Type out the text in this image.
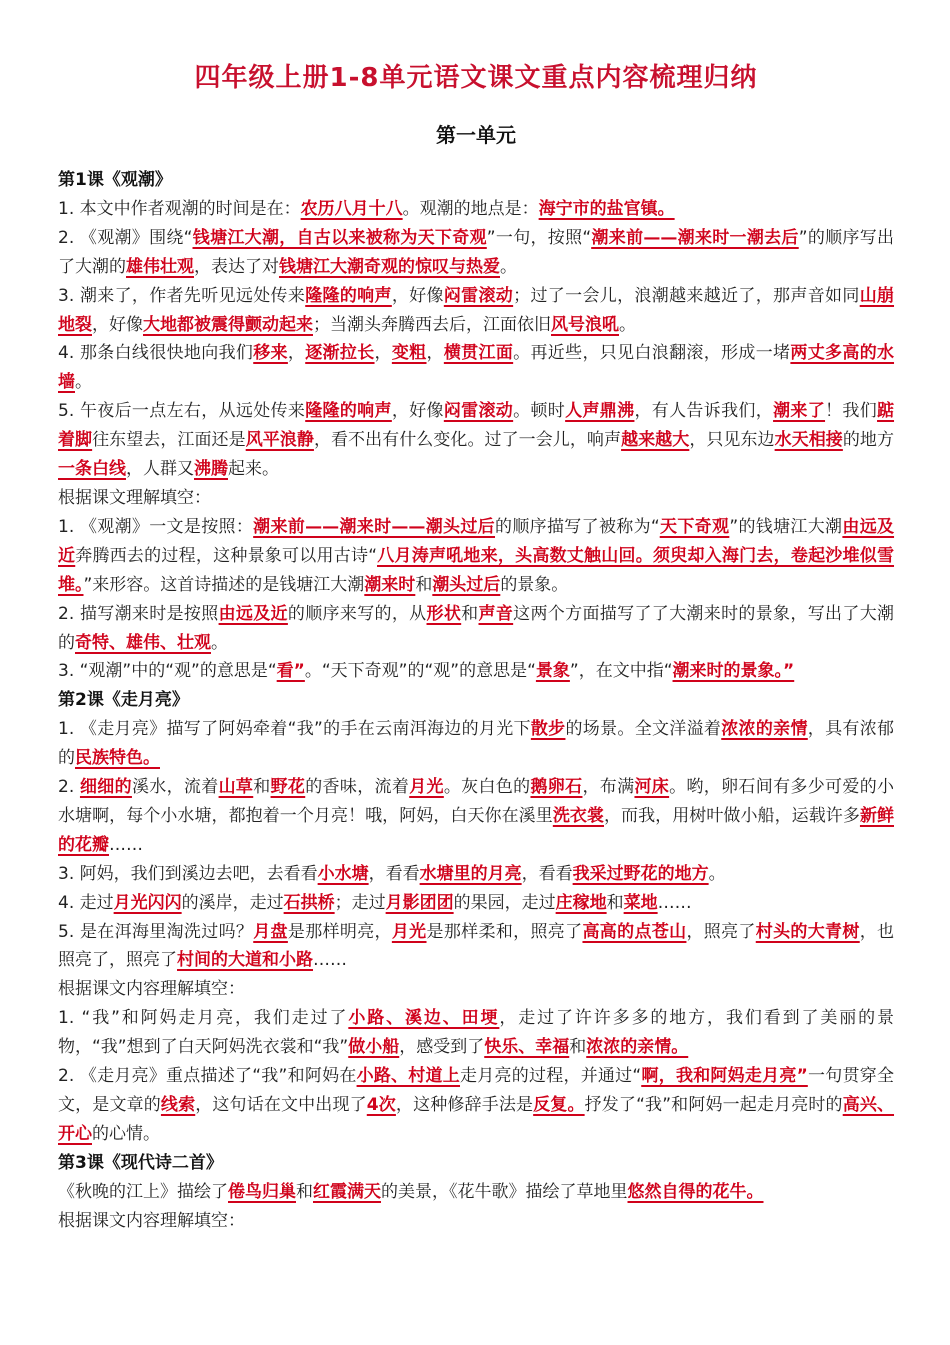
四年级上册1-8单元语文课文重点内容梳理归纳
第一单元
第1课《观潮》
1. 本文中作者观潮的时间是在：农历八月十八。观潮的地点是：海宁市的盐官镇。
2. 《观潮》围绕“钱塘江大潮，自古以来被称为天下奇观”一句，按照“潮来前——潮来时一潮去后”的顺序写出了大潮的雄伟壮观，表达了对钱塘江大潮奇观的惊叹与热爱。
3. 潮来了，作者先听见远处传来隆隆的响声，好像闷雷滚动；过了一会儿，浪潮越来越近了，那声音如同山崩地裂，好像大地都被震得颤动起来；当潮头奔腾西去后，江面依旧风号浪吼。
4. 那条白线很快地向我们移来，逐渐拉长，变粗，横贯江面。再近些，只见白浪翻滚，形成一堵两丈多高的水墙。
5. 午夜后一点左右，从远处传来隆隆的响声，好像闷雷滚动。顿时人声鼎沸，有人告诉我们，潮来了！我们踮着脚往东望去，江面还是风平浪静，看不出有什么变化。过了一会儿，响声越来越大，只见东边水天相接的地方一条白线，人群又沸腾起来。
根据课文理解填空：
1. 《观潮》一文是按照：潮来前——潮来时——潮头过后的顺序描写了被称为“天下奇观”的钱塘江大潮由远及近奔腾西去的过程，这种景象可以用古诗“八月涛声吼地来，头高数丈触山回。须臾却入海门去，卷起沙堆似雪堆。”来形容。这首诗描述的是钱塘江大潮潮来时和潮头过后的景象。
2. 描写潮来时是按照由远及近的顺序来写的，从形状和声音这两个方面描写了了大潮来时的景象，写出了大潮的奇特、雄伟、壮观。
3. “观潮”中的“观”的意思是“看”。“天下奇观”的“观”的意思是“景象”，在文中指“潮来时的景象。”
第2课《走月亮》
1. 《走月亮》描写了阿妈牵着“我”的手在云南洱海边的月光下散步的场景。全文洋溢着浓浓的亲情，具有浓郁的民族特色。
2. 细细的溪水，流着山草和野花的香味，流着月光。灰白色的鹅卵石，布满河床。哟，卵石间有多少可爱的小水塘啊，每个小水塘，都抱着一个月亮！哦，阿妈，白天你在溪里洗衣裳，而我，用树叶做小船，运载许多新鲜的花瓣……
3. 阿妈，我们到溪边去吧，去看看小水塘，看看水塘里的月亮，看看我采过野花的地方。
4. 走过月光闪闪的溪岸，走过石拱桥；走过月影团团的果园，走过庄稼地和菜地……
5. 是在洱海里淘洗过吗？月盘是那样明亮，月光是那样柔和，照亮了高高的点苍山，照亮了村头的大青树，也照亮了，照亮了村间的大道和小路……
根据课文内容理解填空：
1. “我”和阿妈走月亮，我们走过了小路、溪边、田埂，走过了许许多多的地方，我们看到了美丽的景物，“我”想到了白天阿妈洗衣裳和“我”做小船，感受到了快乐、幸福和浓浓的亲情。
2. 《走月亮》重点描述了“我”和阿妈在小路、村道上走月亮的过程，并通过“啊，我和阿妈走月亮”一句贯穿全文，是文章的线索，这句话在文中出现了4次，这种修辞手法是反复。抒发了“我”和阿妈一起走月亮时的高兴、开心的心情。
第3课《现代诗二首》
《秋晚的江上》描绘了倦鸟归巢和红霞满天的美景，《花牛歌》描绘了草地里悠然自得的花牛。
根据课文内容理解填空：
